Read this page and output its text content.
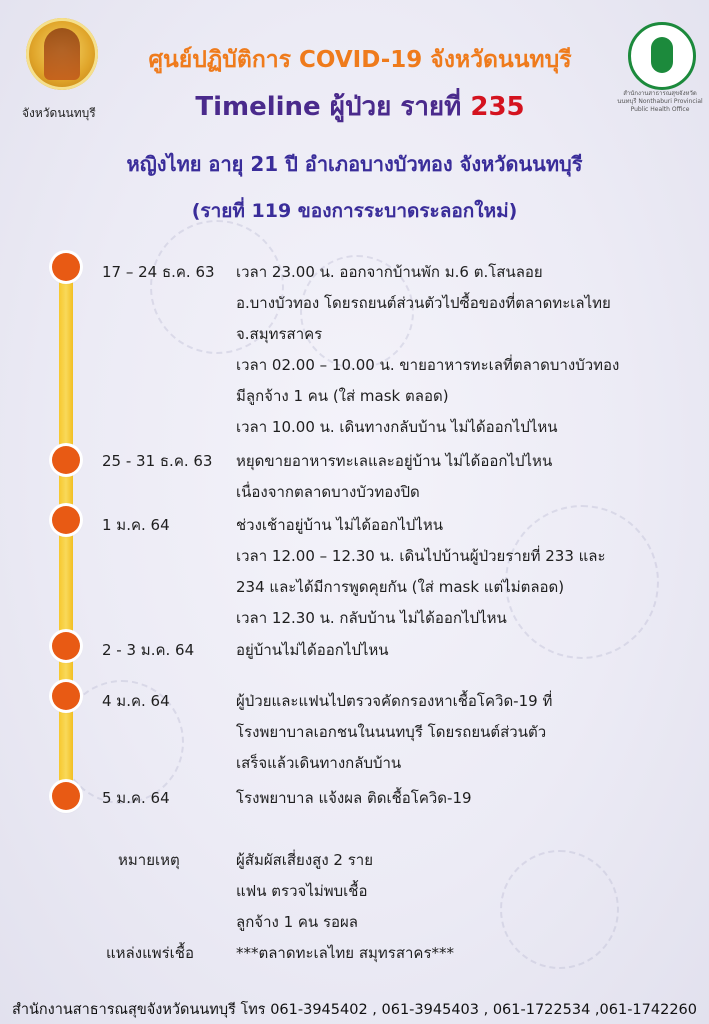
จังหวัดนนทบุรี
สำนักงานสาธารณสุขจังหวัดนนทบุรี Nonthaburi Provincial Public Health Office
ศูนย์ปฏิบัติการ COVID-19 จังหวัดนนทบุรี
Timeline ผู้ป่วย รายที่ 235
หญิงไทย อายุ 21 ปี อำเภอบางบัวทอง จังหวัดนนทบุรี
(รายที่ 119 ของการระบาดระลอกใหม่)
17 – 24 ธ.ค. 63 เวลา 23.00 น. ออกจากบ้านพัก ม.6 ต.โสนลอย
อ.บางบัวทอง โดยรถยนต์ส่วนตัวไปซื้อของที่ตลาดทะเลไทย
จ.สมุทรสาคร
เวลา 02.00 – 10.00 น. ขายอาหารทะเลที่ตลาดบางบัวทอง
มีลูกจ้าง 1 คน (ใส่ mask ตลอด)
เวลา 10.00 น. เดินทางกลับบ้าน ไม่ได้ออกไปไหน
25 - 31 ธ.ค. 63 หยุดขายอาหารทะเลและอยู่บ้าน ไม่ได้ออกไปไหน
เนื่องจากตลาดบางบัวทองปิด
1 ม.ค. 64	ช่วงเช้าอยู่บ้าน ไม่ได้ออกไปไหน
เวลา 12.00 – 12.30 น. เดินไปบ้านผู้ป่วยรายที่ 233 และ
234 และได้มีการพูดคุยกัน (ใส่ mask แต่ไม่ตลอด)
เวลา 12.30 น. กลับบ้าน ไม่ได้ออกไปไหน
2 - 3 ม.ค. 64	อยู่บ้านไม่ได้ออกไปไหน
4 ม.ค. 64	ผู้ป่วยและแฟนไปตรวจคัดกรองหาเชื้อโควิด-19 ที่
โรงพยาบาลเอกชนในนนทบุรี โดยรถยนต์ส่วนตัว
เสร็จแล้วเดินทางกลับบ้าน
5 ม.ค. 64	โรงพยาบาล แจ้งผล ติดเชื้อโควิด-19
หมายเหตุ	ผู้สัมผัสเสี่ยงสูง 2 ราย
แฟน ตรวจไม่พบเชื้อ
ลูกจ้าง 1 คน รอผล
แหล่งแพร่เชื้อ	***ตลาดทะเลไทย สมุทรสาคร***
สำนักงานสาธารณสุขจังหวัดนนทบุรี โทร 061-3945402 , 061-3945403 , 061-1722534 ,061-1742260
